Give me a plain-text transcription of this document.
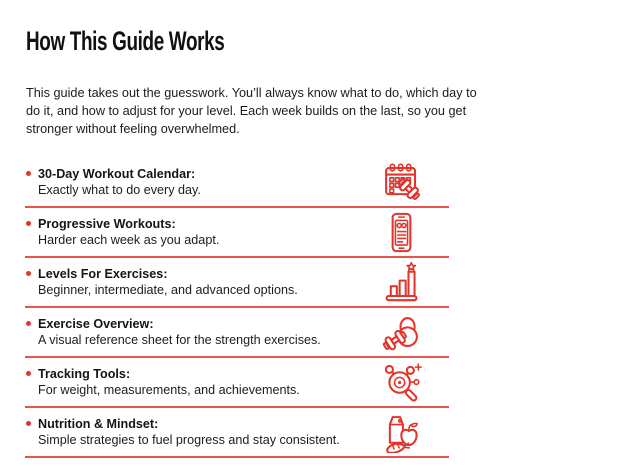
How This Guide Works

This guide takes out the guesswork. You’ll always know what to do, which day to do it, and how to adjust for your level. Each week builds on the last, so you get stronger without feeling overwhelmed.

30-Day Workout Calendar:
Exactly what to do every day.
Progressive Workouts:
Harder each week as you adapt.
Levels For Exercises:
Beginner, intermediate, and advanced options.
Exercise Overview:
A visual reference sheet for the strength exercises.
Tracking Tools:
For weight, measurements, and achievements.
Nutrition & Mindset:
Simple strategies to fuel progress and stay consistent.
